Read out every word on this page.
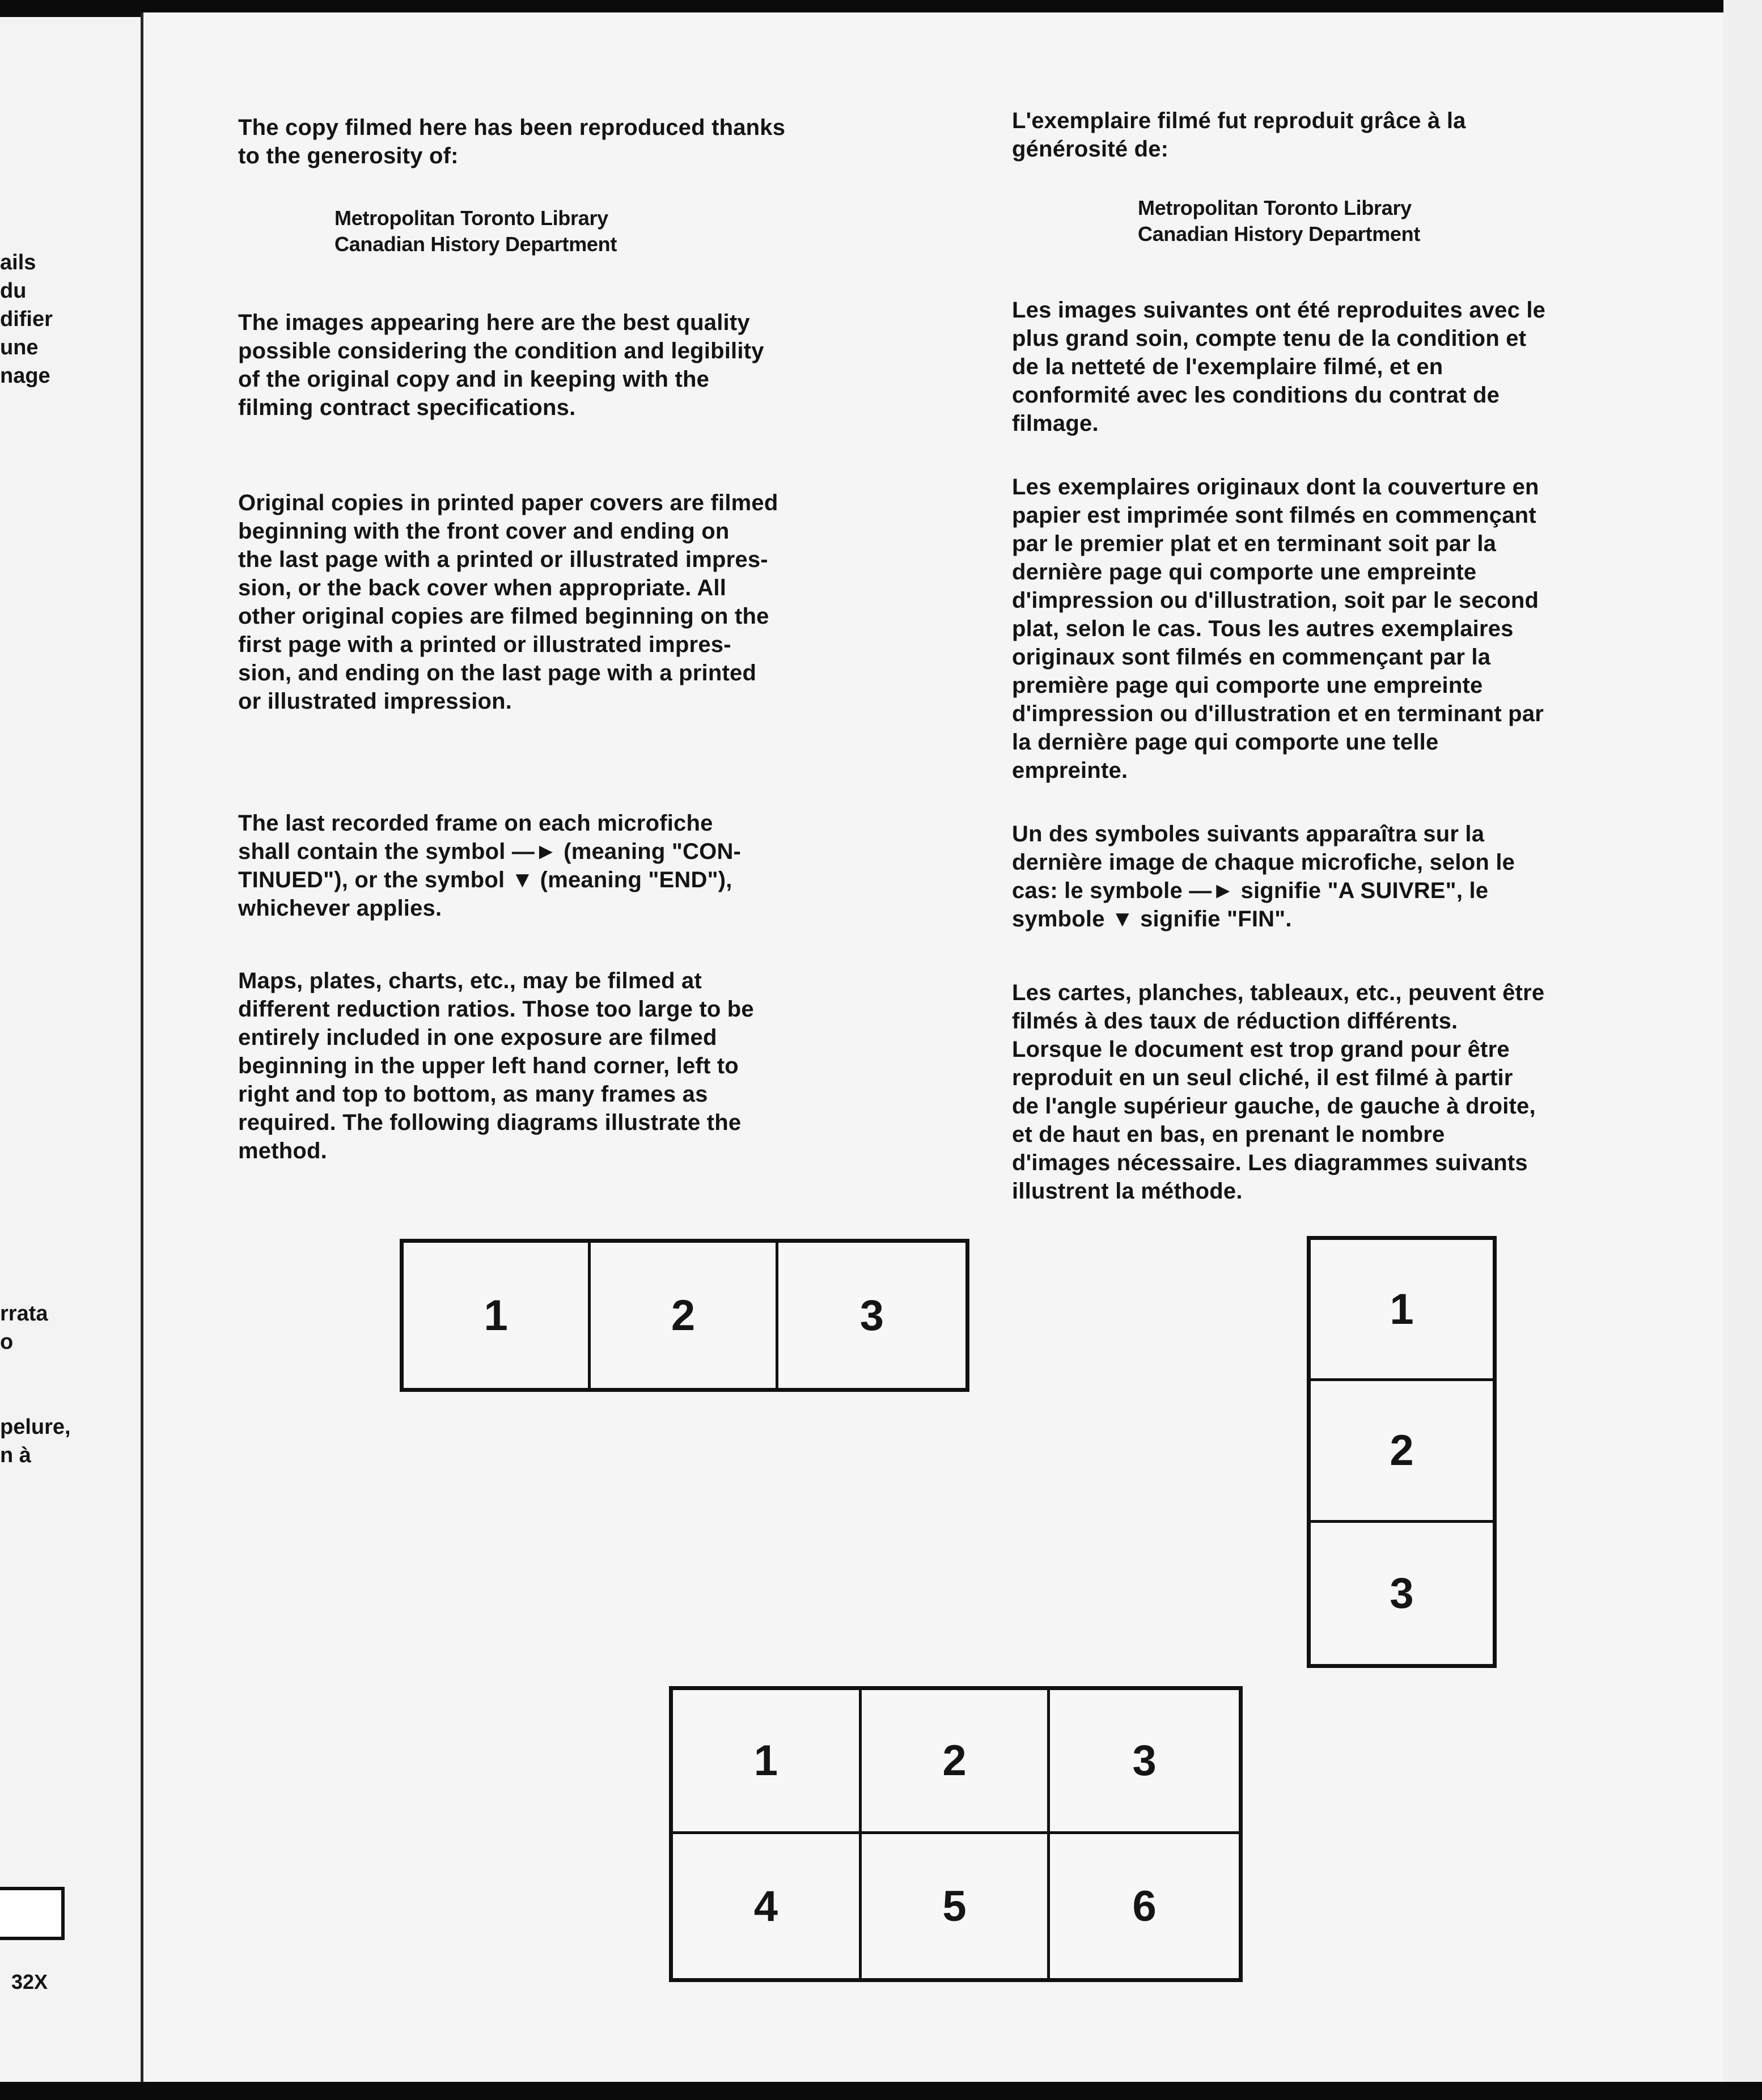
ails

du

difier

une

nage

rrata

o

pelure,

n à

32X

The copy filmed here has been reproduced thanks
to the generosity of:

Metropolitan Toronto Library
Canadian History Department

The images appearing here are the best quality
possible considering the condition and legibility
of the original copy and in keeping with the
filming contract specifications.

Original copies in printed paper covers are filmed
beginning with the front cover and ending on
the last page with a printed or illustrated impres-
sion, or the back cover when appropriate. All
other original copies are filmed beginning on the
first page with a printed or illustrated impres-
sion, and ending on the last page with a printed
or illustrated impression.

The last recorded frame on each microfiche
shall contain the symbol —► (meaning "CON-
TINUED"), or the symbol ▼ (meaning "END"),
whichever applies.

Maps, plates, charts, etc., may be filmed at
different reduction ratios. Those too large to be
entirely included in one exposure are filmed
beginning in the upper left hand corner, left to
right and top to bottom, as many frames as
required. The following diagrams illustrate the
method.

L'exemplaire filmé fut reproduit grâce à la
générosité de:

Metropolitan Toronto Library
Canadian History Department

Les images suivantes ont été reproduites avec le
plus grand soin, compte tenu de la condition et
de la netteté de l'exemplaire filmé, et en
conformité avec les conditions du contrat de
filmage.

Les exemplaires originaux dont la couverture en
papier est imprimée sont filmés en commençant
par le premier plat et en terminant soit par la
dernière page qui comporte une empreinte
d'impression ou d'illustration, soit par le second
plat, selon le cas. Tous les autres exemplaires
originaux sont filmés en commençant par la
première page qui comporte une empreinte
d'impression ou d'illustration et en terminant par
la dernière page qui comporte une telle
empreinte.

Un des symboles suivants apparaîtra sur la
dernière image de chaque microfiche, selon le
cas: le symbole —► signifie "A SUIVRE", le
symbole ▼ signifie "FIN".

Les cartes, planches, tableaux, etc., peuvent être
filmés à des taux de réduction différents.
Lorsque le document est trop grand pour être
reproduit en un seul cliché, il est filmé à partir
de l'angle supérieur gauche, de gauche à droite,
et de haut en bas, en prenant le nombre
d'images nécessaire. Les diagrammes suivants
illustrent la méthode.

1	2	3	1
2
3
1	2	3
4	5	6
